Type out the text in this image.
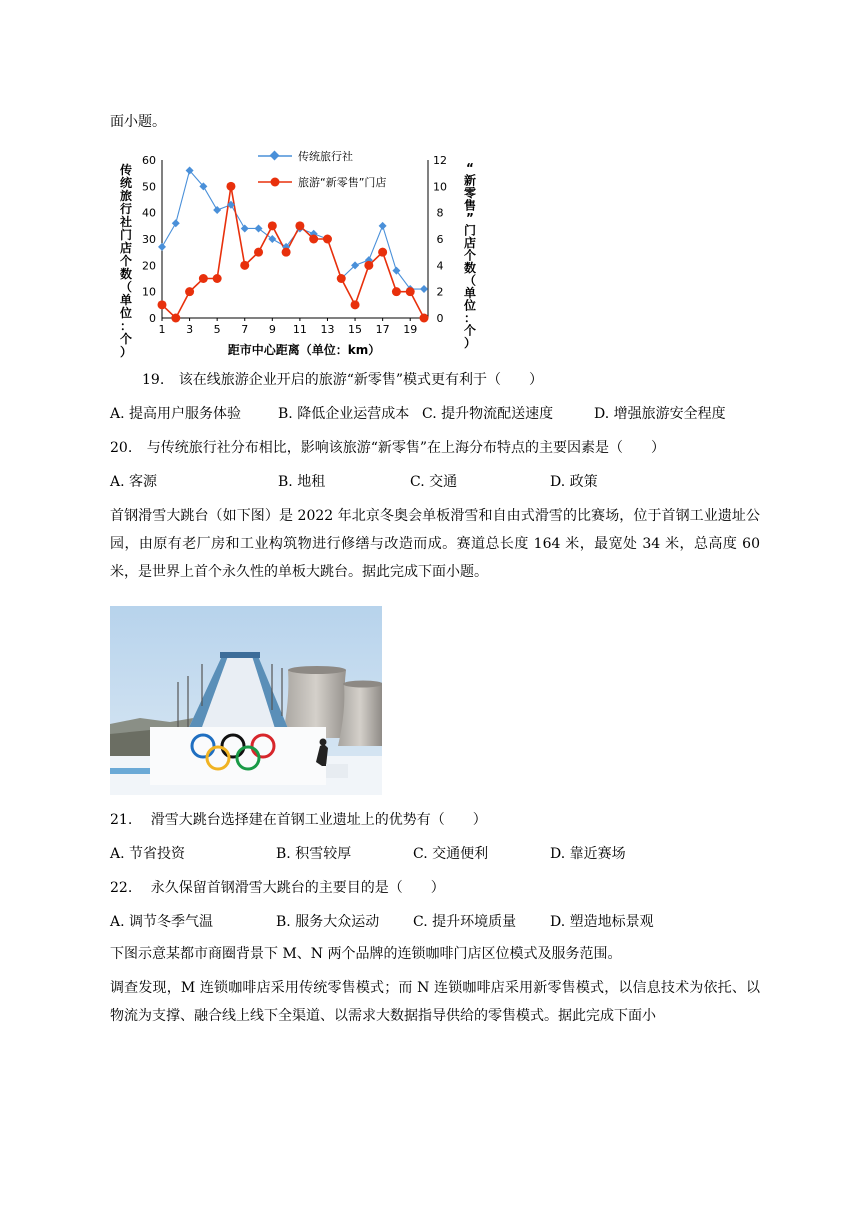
面小题。
0
10
20
30
40
50
60
0
2
4
6
8
10
12
1 3 5 7 9 11 13 15 17 19
传统旅行社
旅游“新零售”门店
传
统
旅
行
社
门
店
个
数
（
单
位
：
个
）
“
新
零
售
”
门
店
个
数
（
单
位
：
个
）
距市中心距离（单位：km）
19. 该在线旅游企业开启的旅游“新零售”模式更有利于（　　）
A. 提高用户服务体验	B. 降低企业运营成本 C. 提升物流配送速度	D. 增强旅游安全程度
20. 与传统旅行社分布相比，影响该旅游“新零售”在上海分布特点的主要因素是（　　）
A. 客源	B. 地租	C. 交通	D. 政策
首钢滑雪大跳台（如下图）是 2022 年北京冬奥会单板滑雪和自由式滑雪的比赛场，位于首钢工业遗址公园，由原有老厂房和工业构筑物进行修缮与改造而成。赛道总长度 164 米，最宽处 34 米，总高度 60 米，是世界上首个永久性的单板大跳台。据此完成下面小题。
21. 滑雪大跳台选择建在首钢工业遗址上的优势有（　　）
A. 节省投资	B. 积雪较厚	C. 交通便利	D. 靠近赛场
22. 永久保留首钢滑雪大跳台的主要目的是（　　）
A. 调节冬季气温	B. 服务大众运动 C. 提升环境质量 D. 塑造地标景观
下图示意某都市商圈背景下 M、N 两个品牌的连锁咖啡门店区位模式及服务范围。
调查发现，M 连锁咖啡店采用传统零售模式；而 N 连锁咖啡店采用新零售模式，以信息技术为依托、以物流为支撑、融合线上线下全渠道、以需求大数据指导供给的零售模式。据此完成下面小
